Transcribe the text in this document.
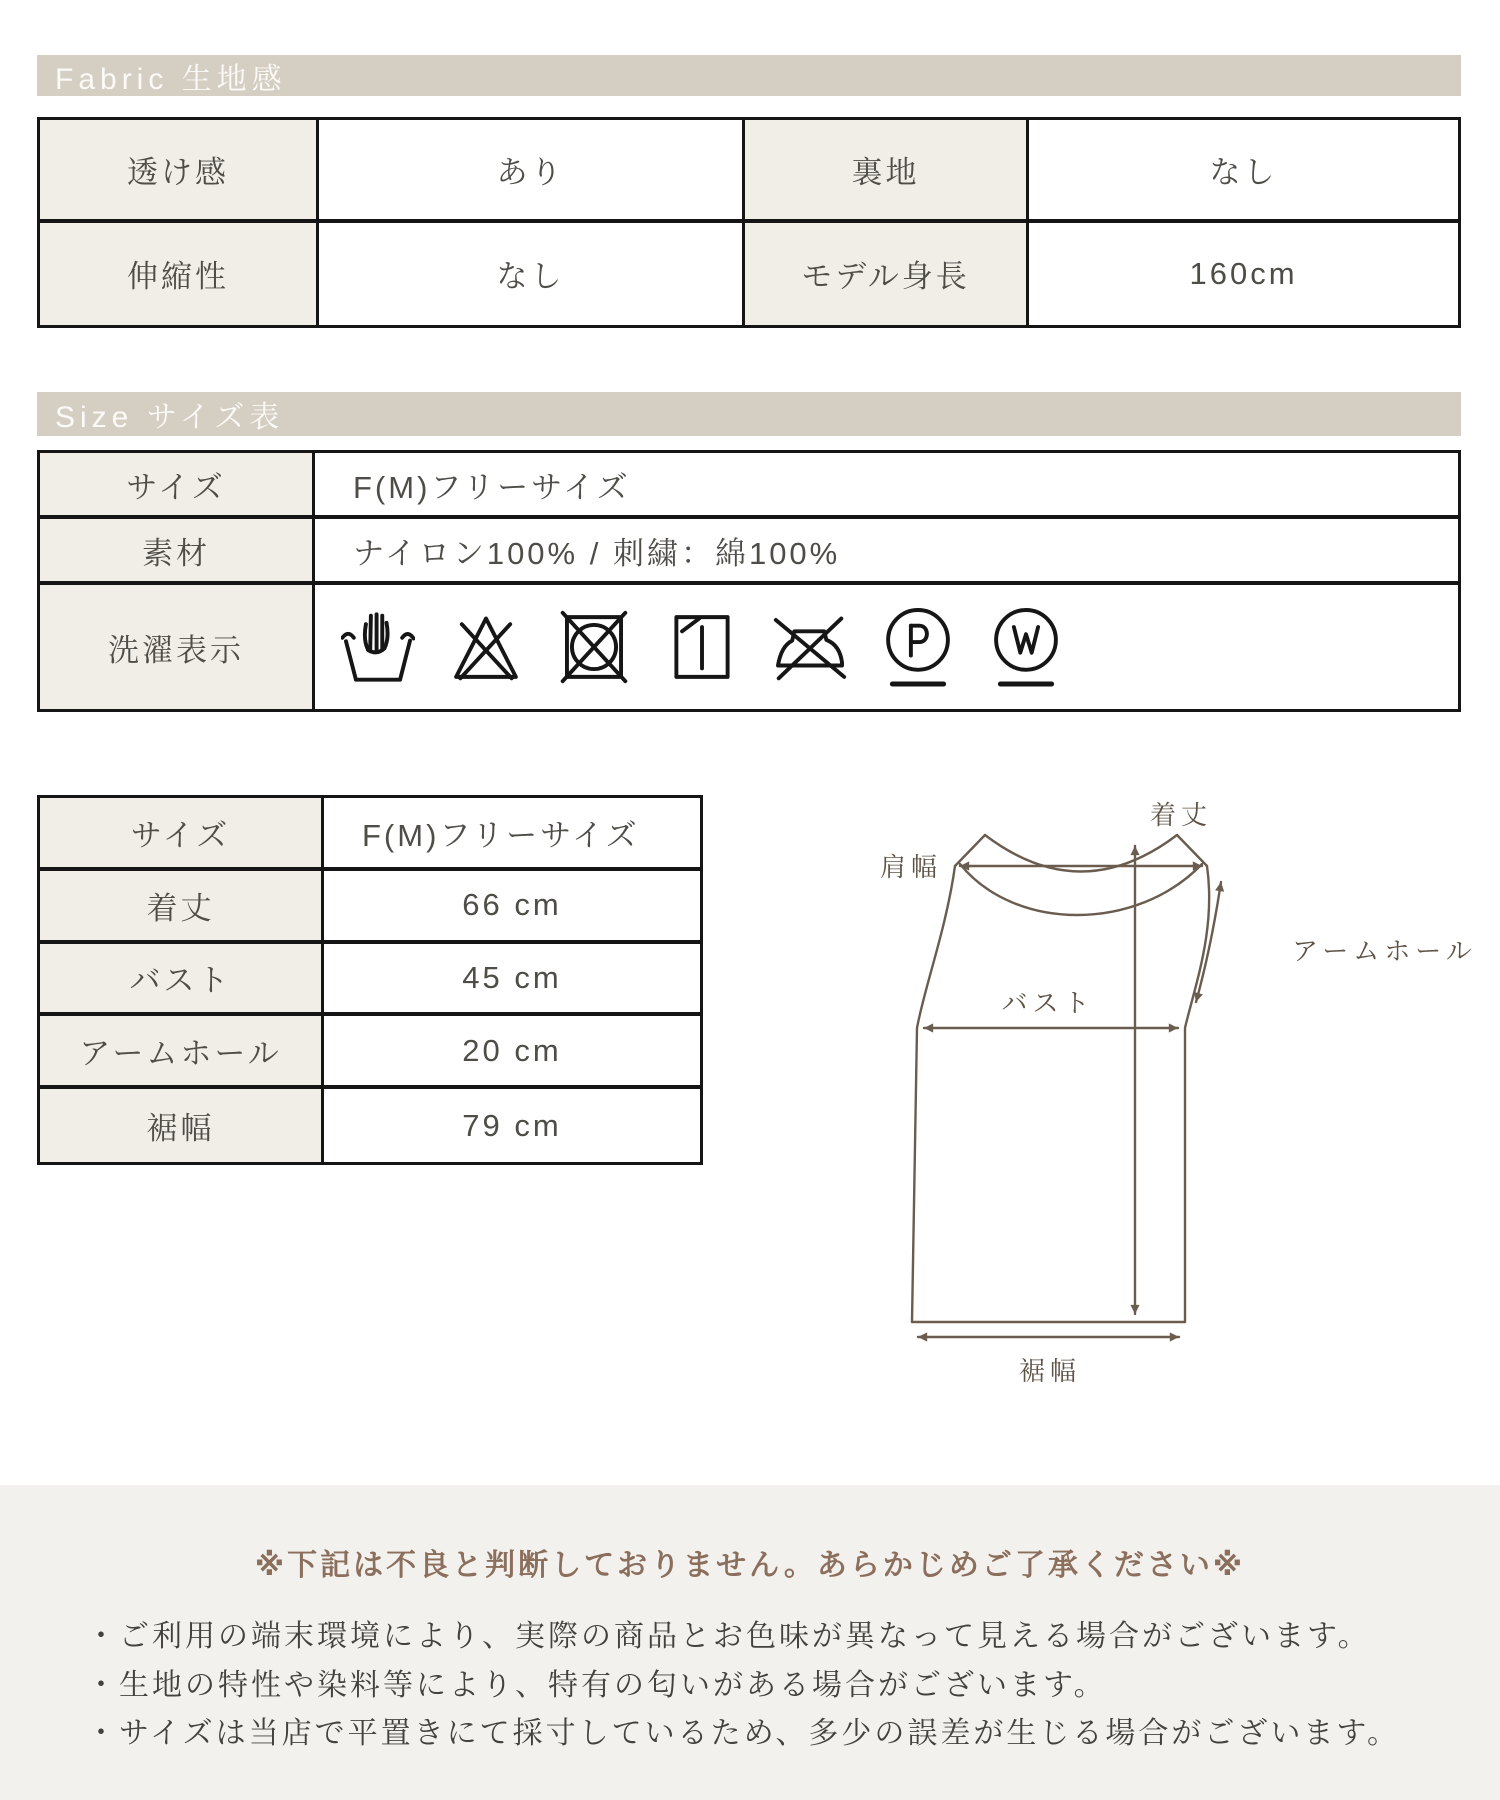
Fabric 生地感
透け感	あり	裏地	なし
伸縮性	なし	モデル身長	160cm
Size サイズ表
サイズ	F(M)フリーサイズ
素材	ナイロン100% / 刺繍：綿100%
洗濯表示
サイズ	F(M)フリーサイズ
着丈	66 cm
バスト	45 cm
アームホール	20 cm
裾幅	79 cm
着丈
肩幅
アームホール
バスト
裾幅

※下記は不良と判断しておりません。あらかじめご了承ください※

・ご利用の端末環境により、実際の商品とお色味が異なって見える場合がございます。
・生地の特性や染料等により、特有の匂いがある場合がございます。
・サイズは当店で平置きにて採寸しているため、多少の誤差が生じる場合がございます。
